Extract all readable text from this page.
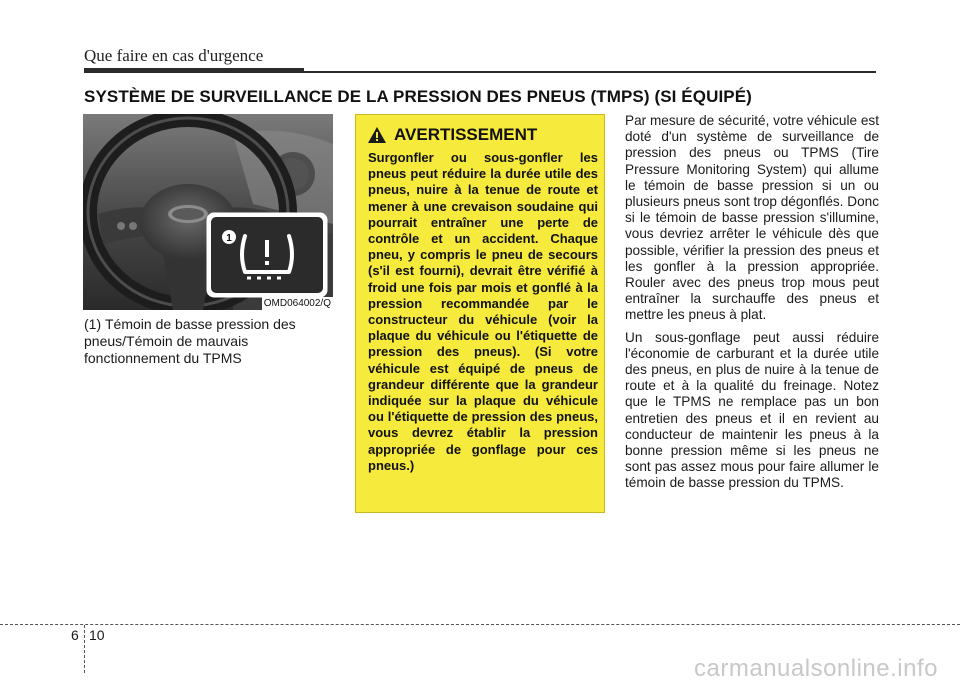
Que faire en cas d'urgence
SYSTÈME DE SURVEILLANCE DE LA PRESSION DES PNEUS (TMPS) (SI ÉQUIPÉ)
1
OMD064002/Q
(1) Témoin de basse pression des pneus/Témoin de mauvais fonctionnement du TPMS
AVERTISSEMENT
Surgonfler ou sous-gonfler les pneus peut réduire la durée utile des pneus, nuire à la tenue de route et mener à une crevaison soudaine qui pourrait entraîner une perte de contrôle et un accident. Chaque pneu, y compris le pneu de secours (s'il est fourni), devrait être vérifié à froid une fois par mois et gonflé à la pression recommandée par le constructeur du véhicule (voir la plaque du véhicule ou l'étiquette de pression des pneus). (Si votre véhicule est équipé de pneus de grandeur différente que la grandeur indiquée sur la plaque du véhicule ou l'étiquette de pression des pneus, vous devrez établir la pression appropriée de gonflage pour ces pneus.)

Par mesure de sécurité, votre véhicule est doté d'un système de surveillance de pression des pneus ou TPMS (Tire Pressure Monitoring System) qui allume le témoin de basse pression si un ou plusieurs pneus sont trop dégonflés. Donc si le témoin de basse pression s'illumine, vous devriez arrêter le véhicule dès que possible, vérifier la pression des pneus et les gonfler à la pression appropriée. Rouler avec des pneus trop mous peut entraîner la surchauffe des pneus et mettre les pneus à plat.

Un sous-gonflage peut aussi réduire l'économie de carburant et la durée utile des pneus, en plus de nuire à la tenue de route et à la qualité du freinage. Notez que le TPMS ne remplace pas un bon entretien des pneus et il en revient au conducteur de maintenir les pneus à la bonne pression même si les pneus ne sont pas assez mous pour faire allumer le témoin de basse pression du TPMS.

6 10
carmanualsonline.info
